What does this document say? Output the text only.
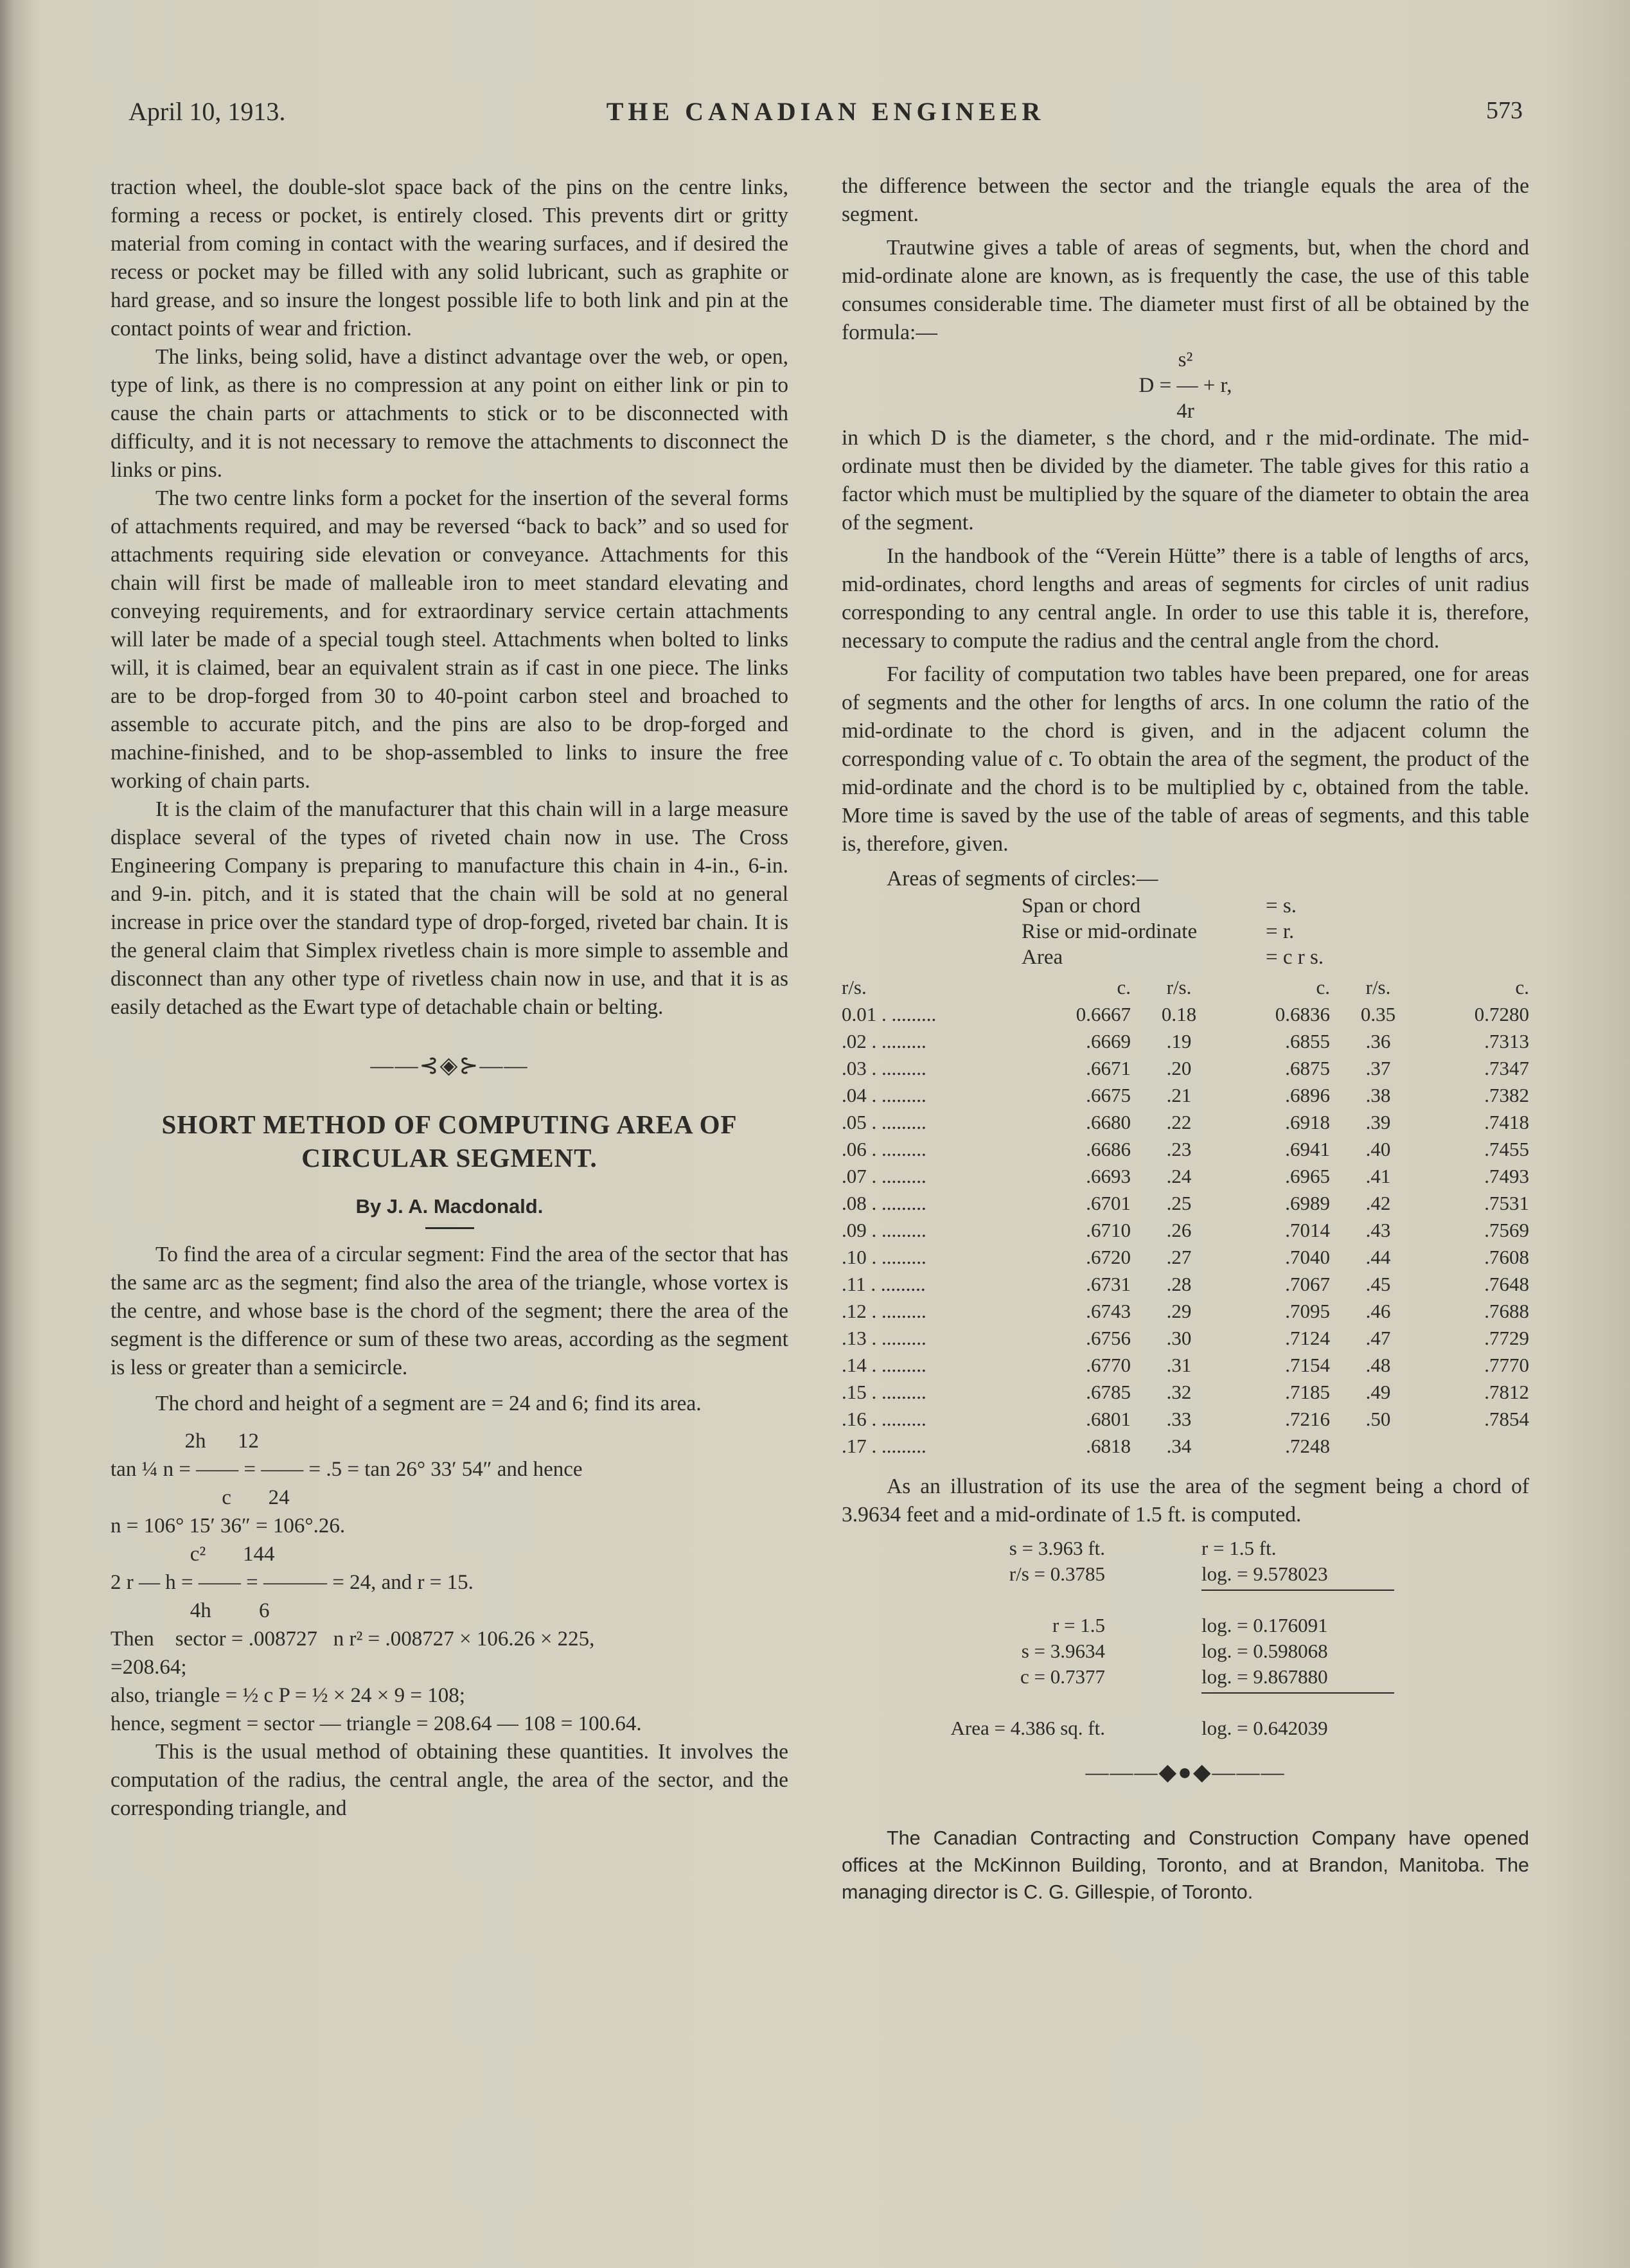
April 10, 1913.	THE CANADIAN ENGINEER	573

traction wheel, the double-slot space back of the pins on the centre links, forming a recess or pocket, is entirely closed. This prevents dirt or gritty material from coming in contact with the wearing surfaces, and if desired the recess or pocket may be filled with any solid lubricant, such as graphite or hard grease, and so insure the longest possible life to both link and pin at the contact points of wear and friction.

The links, being solid, have a distinct advantage over the web, or open, type of link, as there is no compression at any point on either link or pin to cause the chain parts or attachments to stick or to be disconnected with difficulty, and it is not necessary to remove the attachments to disconnect the links or pins.

The two centre links form a pocket for the insertion of the several forms of attachments required, and may be reversed “back to back” and so used for attachments requiring side elevation or conveyance. Attachments for this chain will first be made of malleable iron to meet standard elevating and conveying requirements, and for extraordinary service certain attachments will later be made of a special tough steel. Attachments when bolted to links will, it is claimed, bear an equivalent strain as if cast in one piece. The links are to be drop-forged from 30 to 40-point carbon steel and broached to assemble to accurate pitch, and the pins are also to be drop-forged and machine-finished, and to be shop-assembled to links to insure the free working of chain parts.

It is the claim of the manufacturer that this chain will in a large measure displace several of the types of riveted chain now in use. The Cross Engineering Company is preparing to manufacture this chain in 4-in., 6-in. and 9-in. pitch, and it is stated that the chain will be sold at no general increase in price over the standard type of drop-forged, riveted bar chain. It is the general claim that Simplex rivetless chain is more simple to assemble and disconnect than any other type of rivetless chain now in use, and that it is as easily detached as the Ewart type of detachable chain or belting.

——⊰◈⊱——

SHORT METHOD OF COMPUTING AREA OF

CIRCULAR SEGMENT.

By J. A. Macdonald.

To find the area of a circular segment: Find the area of the sector that has the same arc as the segment; find also the area of the triangle, whose vortex is the centre, and whose base is the chord of the segment; there the area of the segment is the difference or sum of these two areas, according as the segment is less or greater than a semicircle.

The chord and height of a segment are = 24 and 6; find its area.

2h      12
tan ¼ n = —— = —— = .5 = tan 26° 33′ 54″ and hence
c       24
n = 106° 15′ 36″ = 106°.26.
c²       144
2 r — h = —— = ——— = 24, and r = 15.
4h         6
Then    sector = .008727   n r² = .008727 × 106.26 × 225,
=208.64;
also, triangle = ½ c P = ½ × 24 × 9 = 108;
hence, segment = sector — triangle = 208.64 — 108 = 100.64.

This is the usual method of obtaining these quantities. It involves the computation of the radius, the central angle, the area of the sector, and the corresponding triangle, and

the difference between the sector and the triangle equals the area of the segment.

Trautwine gives a table of areas of segments, but, when the chord and mid-ordinate alone are known, as is frequently the case, the use of this table consumes considerable time. The diameter must first of all be obtained by the formula:—

s²
D = — + r,
4r

in which D is the diameter, s the chord, and r the mid-ordinate. The mid-ordinate must then be divided by the diameter. The table gives for this ratio a factor which must be multiplied by the square of the diameter to obtain the area of the segment.

In the handbook of the “Verein Hütte” there is a table of lengths of arcs, mid-ordinates, chord lengths and areas of segments for circles of unit radius corresponding to any central angle. In order to use this table it is, therefore, necessary to compute the radius and the central angle from the chord.

For facility of computation two tables have been prepared, one for areas of segments and the other for lengths of arcs. In one column the ratio of the mid-ordinate to the chord is given, and in the adjacent column the corresponding value of c. To obtain the area of the segment, the product of the mid-ordinate and the chord is to be multiplied by c, obtained from the table. More time is saved by the use of the table of areas of segments, and this table is, therefore, given.

Areas of segments of circles:—

Span or chord	= s.
Rise or mid-ordinate	= r.
Area	= c r s.
r/s.	c.	r/s.	c.	r/s.	c.
0.01 . .........	0.6667	0.18	0.6836	0.35	0.7280
.02 . .........	.6669	.19	.6855	.36	.7313
.03 . .........	.6671	.20	.6875	.37	.7347
.04 . .........	.6675	.21	.6896	.38	.7382
.05 . .........	.6680	.22	.6918	.39	.7418
.06 . .........	.6686	.23	.6941	.40	.7455
.07 . .........	.6693	.24	.6965	.41	.7493
.08 . .........	.6701	.25	.6989	.42	.7531
.09 . .........	.6710	.26	.7014	.43	.7569
.10 . .........	.6720	.27	.7040	.44	.7608
.11 . .........	.6731	.28	.7067	.45	.7648
.12 . .........	.6743	.29	.7095	.46	.7688
.13 . .........	.6756	.30	.7124	.47	.7729
.14 . .........	.6770	.31	.7154	.48	.7770
.15 . .........	.6785	.32	.7185	.49	.7812
.16 . .........	.6801	.33	.7216	.50	.7854
.17 . .........	.6818	.34	.7248		

As an illustration of its use the area of the segment being a chord of 3.9634 feet and a mid-ordinate of 1.5 ft. is computed.

s = 3.963 ft.	r = 1.5 ft.
r/s = 0.3785	log. = 9.578023
r = 1.5	log. = 0.176091
s = 3.9634	log. = 0.598068
c = 0.7377	log. = 9.867880
Area = 4.386 sq. ft.	log. = 0.642039
———◆●◆———

The Canadian Contracting and Construction Company have opened offices at the McKinnon Building, Toronto, and at Brandon, Manitoba. The managing director is C. G. Gillespie, of Toronto.
